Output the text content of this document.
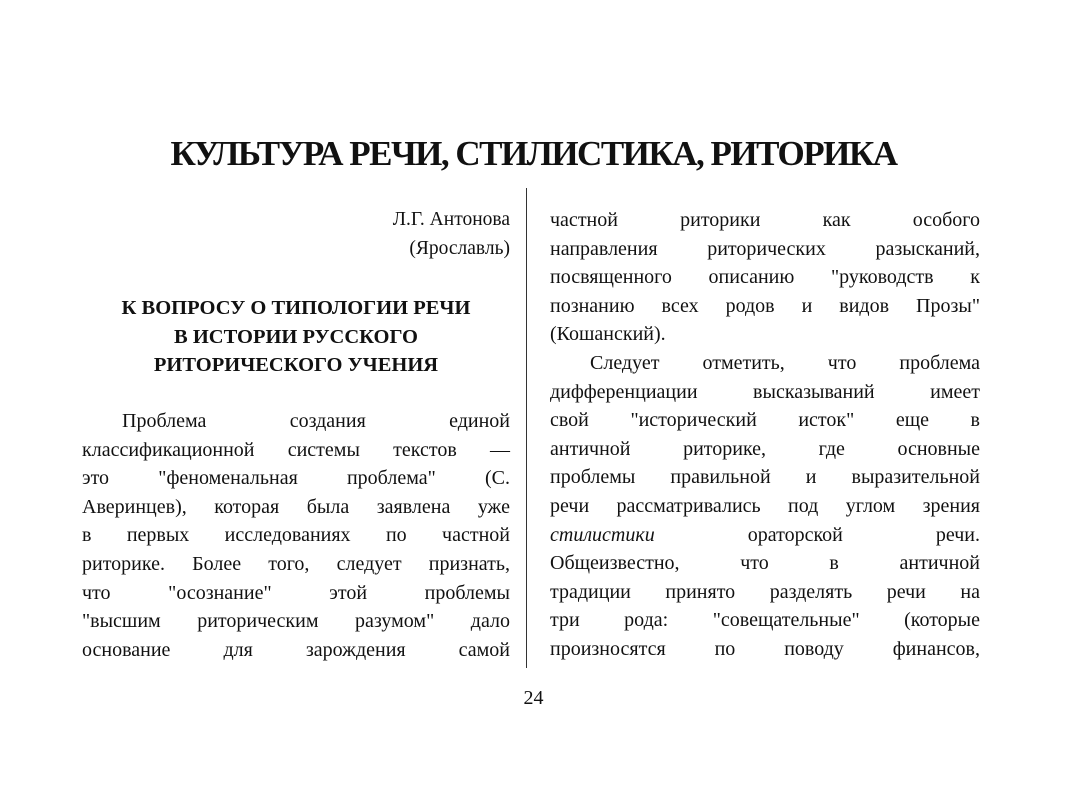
КУЛЬТУРА РЕЧИ, СТИЛИСТИКА, РИТОРИКА
Л.Г. Антонова
(Ярославль)
К ВОПРОСУ О ТИПОЛОГИИ РЕЧИ
В ИСТОРИИ РУССКОГО
РИТОРИЧЕСКОГО УЧЕНИЯ
Проблема создания единой
классификационной системы текстов —
это "феноменальная проблема" (С.
Аверинцев), которая была заявлена уже
в первых исследованиях по частной
риторике. Более того, следует признать,
что "осознание" этой проблемы
"высшим риторическим разумом" дало
основание для зарождения самой
частной риторики как особого
направления риторических разысканий,
посвященного описанию "руководств к
познанию всех родов и видов Прозы"
(Кошанский).
Следует отметить, что проблема
дифференциации высказываний имеет
свой "исторический исток" еще в
античной риторике, где основные
проблемы правильной и выразительной
речи рассматривались под углом зрения
стилистики	ораторской речи.
Общеизвестно, что в античной
традиции принято разделять речи на
три рода: "совещательные" (которые
произносятся по поводу финансов,
24
